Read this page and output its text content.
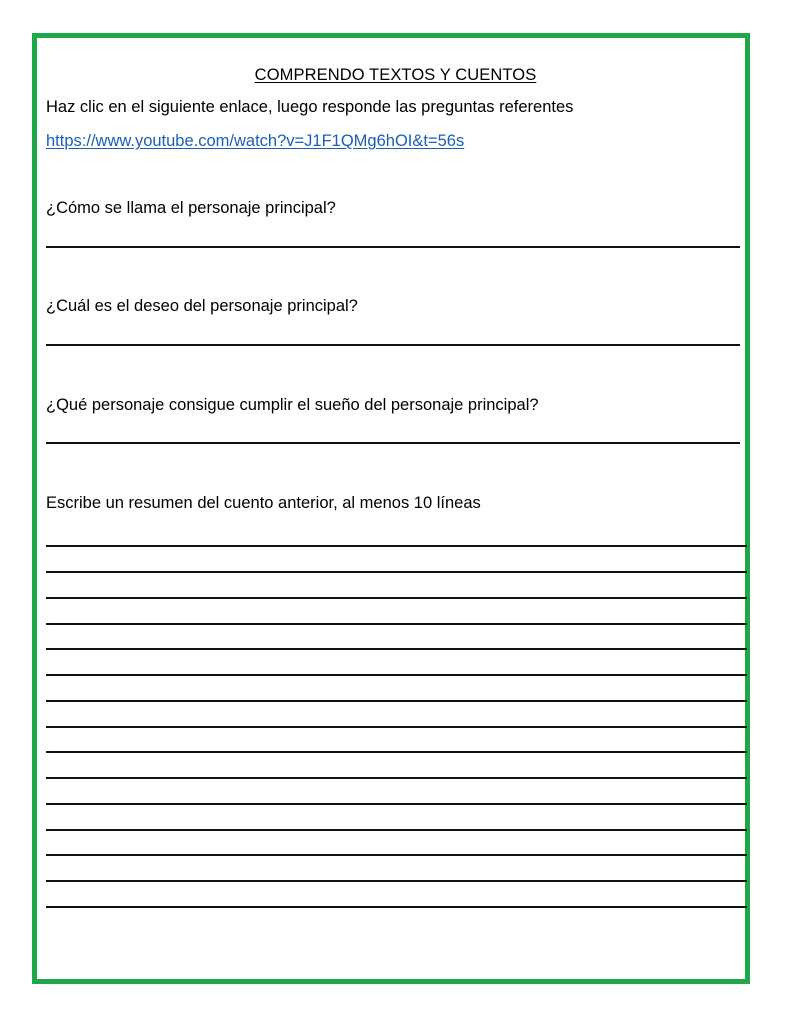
COMPRENDO TEXTOS Y CUENTOS
Haz clic en el siguiente enlace, luego responde las preguntas referentes
https://www.youtube.com/watch?v=J1F1QMg6hOI&t=56s
¿Cómo se llama el personaje principal?
¿Cuál es el deseo del personaje principal?
¿Qué personaje consigue cumplir el sueño del personaje principal?
Escribe un resumen del cuento anterior, al menos 10 líneas
